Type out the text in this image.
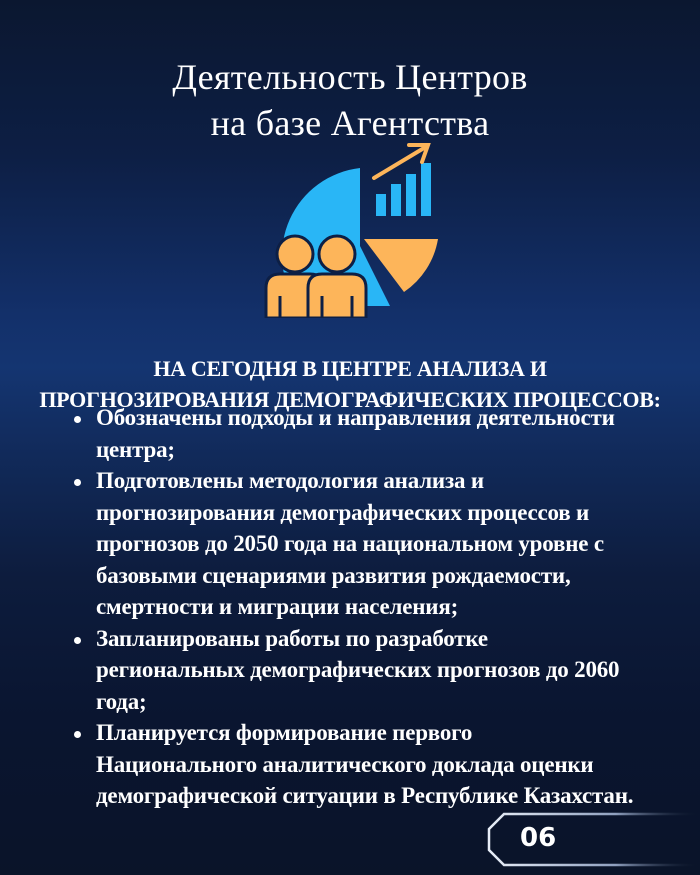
Деятельность Центров
на базе Агентства
НА СЕГОДНЯ В ЦЕНТРЕ АНАЛИЗА И
ПРОГНОЗИРОВАНИЯ ДЕМОГРАФИЧЕСКИХ ПРОЦЕССОВ:
Обозначены подходы и направления деятельности
центра;
Подготовлены методология анализа и
прогнозирования демографических процессов и
прогнозов до 2050 года на национальном уровне с
базовыми сценариями развития рождаемости,
смертности и миграции населения;
Запланированы работы по разработке
региональных демографических прогнозов до 2060
года;
Планируется формирование первого
Национального аналитического доклада оценки
демографической ситуации в Республике Казахстан.
06
